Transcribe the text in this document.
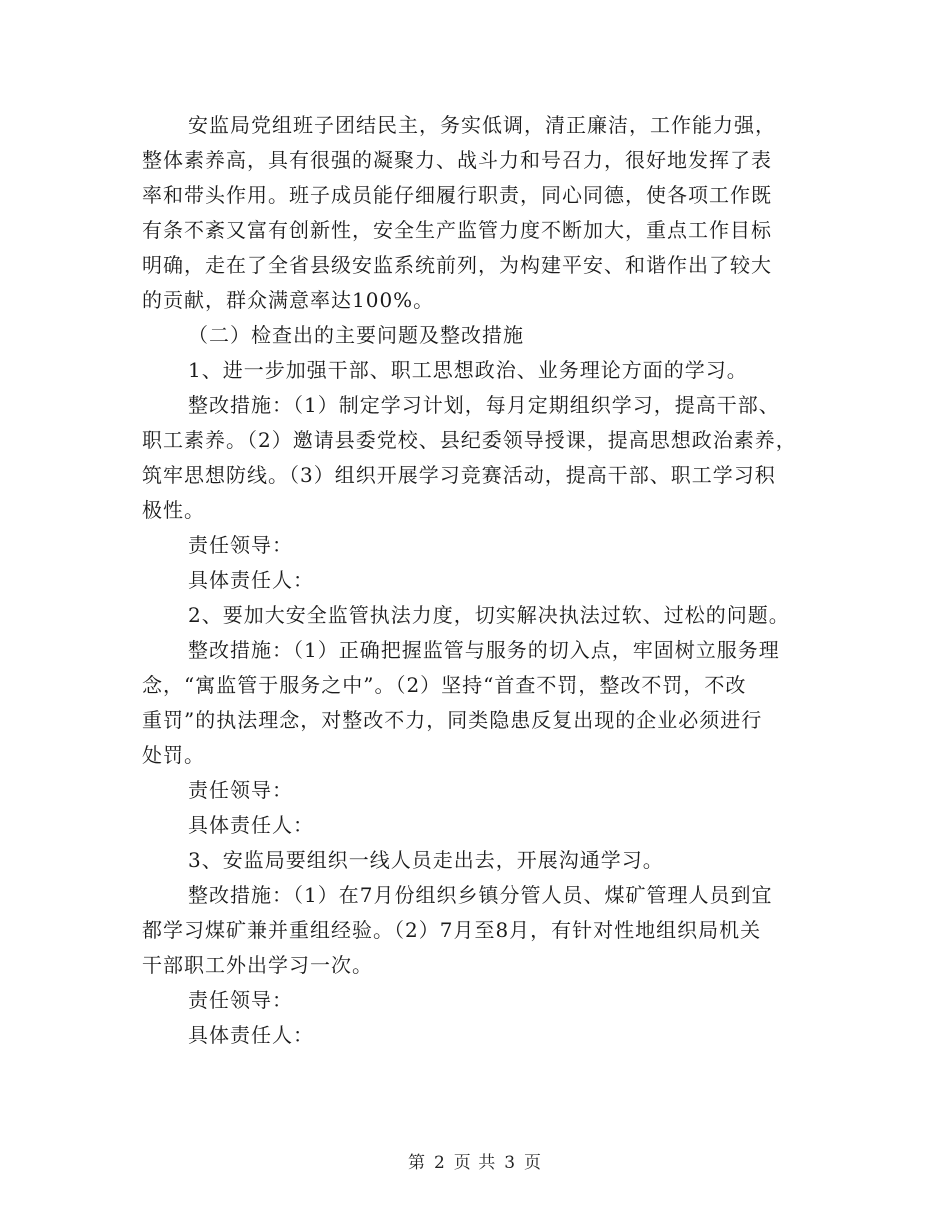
安监局党组班子团结民主，务实低调，清正廉洁，工作能力强，
整体素养高，具有很强的凝聚力、战斗力和号召力，很好地发挥了表
率和带头作用。班子成员能仔细履行职责，同心同德，使各项工作既
有条不紊又富有创新性，安全生产监管力度不断加大，重点工作目标
明确，走在了全省县级安监系统前列，为构建平安、和谐作出了较大
的贡献，群众满意率达100%。

（二）检查出的主要问题及整改措施

1、进一步加强干部、职工思想政治、业务理论方面的学习。

整改措施：（1）制定学习计划，每月定期组织学习，提高干部、
职工素养。（2）邀请县委党校、县纪委领导授课，提高思想政治素养，
筑牢思想防线。（3）组织开展学习竞赛活动，提高干部、职工学习积
极性。

责任领导：

具体责任人：

2、要加大安全监管执法力度，切实解决执法过软、过松的问题。

整改措施：（1）正确把握监管与服务的切入点，牢固树立服务理
念，“寓监管于服务之中”。（2）坚持“首查不罚，整改不罚，不改
重罚”的执法理念，对整改不力，同类隐患反复出现的企业必须进行
处罚。

责任领导：

具体责任人：

3、安监局要组织一线人员走出去，开展沟通学习。

整改措施：（1）在7月份组织乡镇分管人员、煤矿管理人员到宜
都学习煤矿兼并重组经验。（2）7月至8月，有针对性地组织局机关
干部职工外出学习一次。

责任领导：

具体责任人：

第 2 页 共 3 页
